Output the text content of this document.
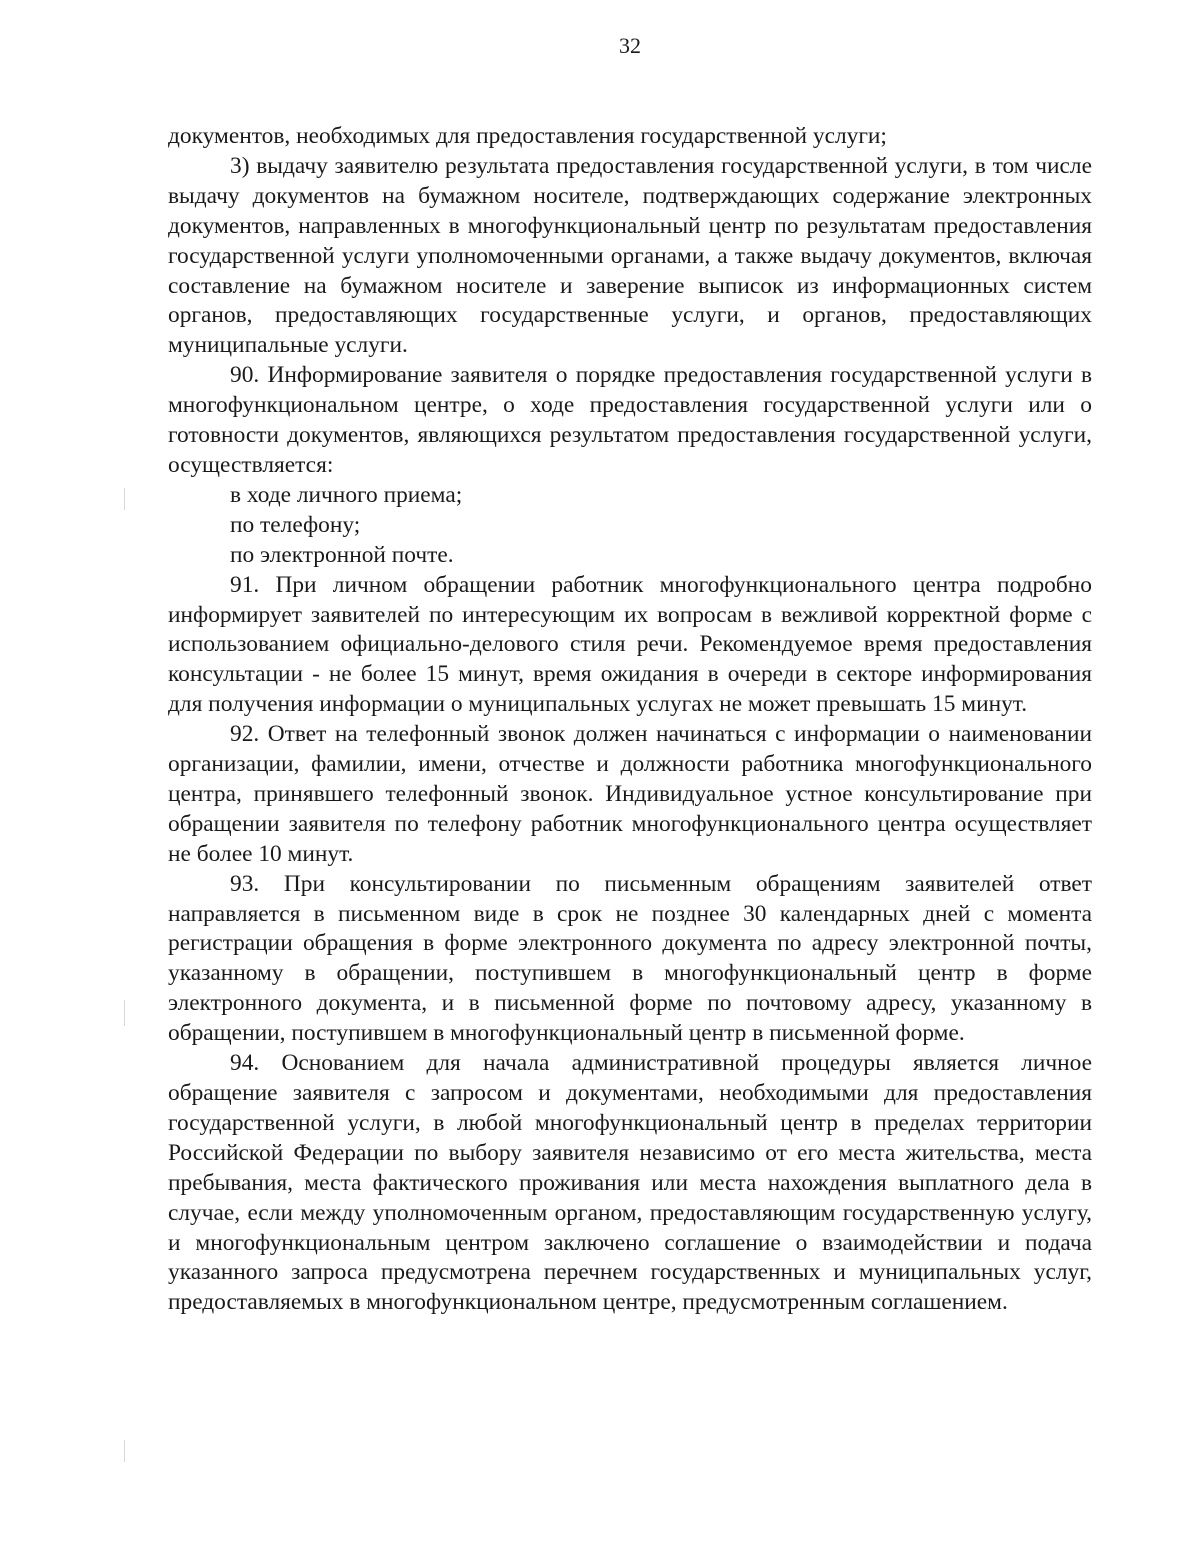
32

документов, необходимых для предоставления государственной услуги;

3) выдачу заявителю результата предоставления государственной услуги, в том числе выдачу документов на бумажном носителе, подтверждающих содержание электронных документов, направленных в многофункциональный центр по результатам предоставления государственной услуги уполномоченными органами, а также выдачу документов, включая составление на бумажном носителе и заверение выписок из информационных систем органов, предоставляющих государственные услуги, и органов, предоставляющих муниципальные услуги.

90. Информирование заявителя о порядке предоставления государственной услуги в многофункциональном центре, о ходе предоставления государственной услуги или о готовности документов, являющихся результатом предоставления государственной услуги, осуществляется:

в ходе личного приема;

по телефону;

по электронной почте.

91. При личном обращении работник многофункционального центра подробно информирует заявителей по интересующим их вопросам в вежливой корректной форме с использованием официально-делового стиля речи. Рекомендуемое время предоставления консультации - не более 15 минут, время ожидания в очереди в секторе информирования для получения информации о муниципальных услугах не может превышать 15 минут.

92. Ответ на телефонный звонок должен начинаться с информации о наименовании организации, фамилии, имени, отчестве и должности работника многофункционального центра, принявшего телефонный звонок. Индивидуальное устное консультирование при обращении заявителя по телефону работник многофункционального центра осуществляет не более 10 минут.

93. При консультировании по письменным обращениям заявителей ответ направляется в письменном виде в срок не позднее 30 календарных дней с момента регистрации обращения в форме электронного документа по адресу электронной почты, указанному в обращении, поступившем в многофункциональный центр в форме электронного документа, и в письменной форме по почтовому адресу, указанному в обращении, поступившем в многофункциональный центр в письменной форме.

94. Основанием для начала административной процедуры является личное обращение заявителя с запросом и документами, необходимыми для предоставления государственной услуги, в любой многофункциональный центр в пределах территории Российской Федерации по выбору заявителя независимо от его места жительства, места пребывания, места фактического проживания или места нахождения выплатного дела в случае, если между уполномоченным органом, предоставляющим государственную услугу, и многофункциональным центром заключено соглашение о взаимодействии и подача указанного запроса предусмотрена перечнем государственных и муниципальных услуг, предоставляемых в многофункциональном центре, предусмотренным соглашением.
